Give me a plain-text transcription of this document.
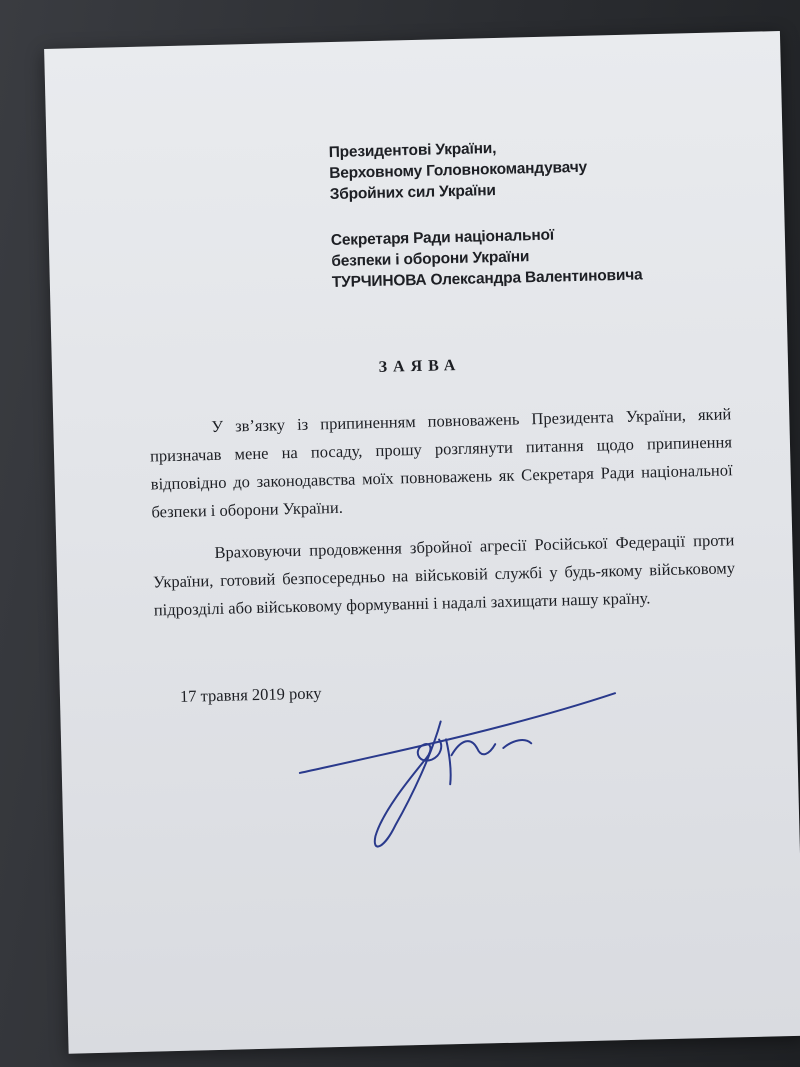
Президентові України,
Верховному Головнокомандувачу
Збройних сил України
Секретаря Ради національної
безпеки і оборони України
ТУРЧИНОВА Олександра Валентиновича
ЗАЯВА

У зв’язку із припиненням повноважень Президента України, який призначав мене на посаду, прошу розглянути питання щодо припинення відповідно до законодавства моїх повноважень як Секретаря Ради національної безпеки і оборони України.

Враховуючи продовження збройної агресії Російської Федерації проти України, готовий безпосередньо на військовій службі у будь-якому військовому підрозділі або військовому формуванні і надалі захищати нашу країну.

17 травня 2019 року
